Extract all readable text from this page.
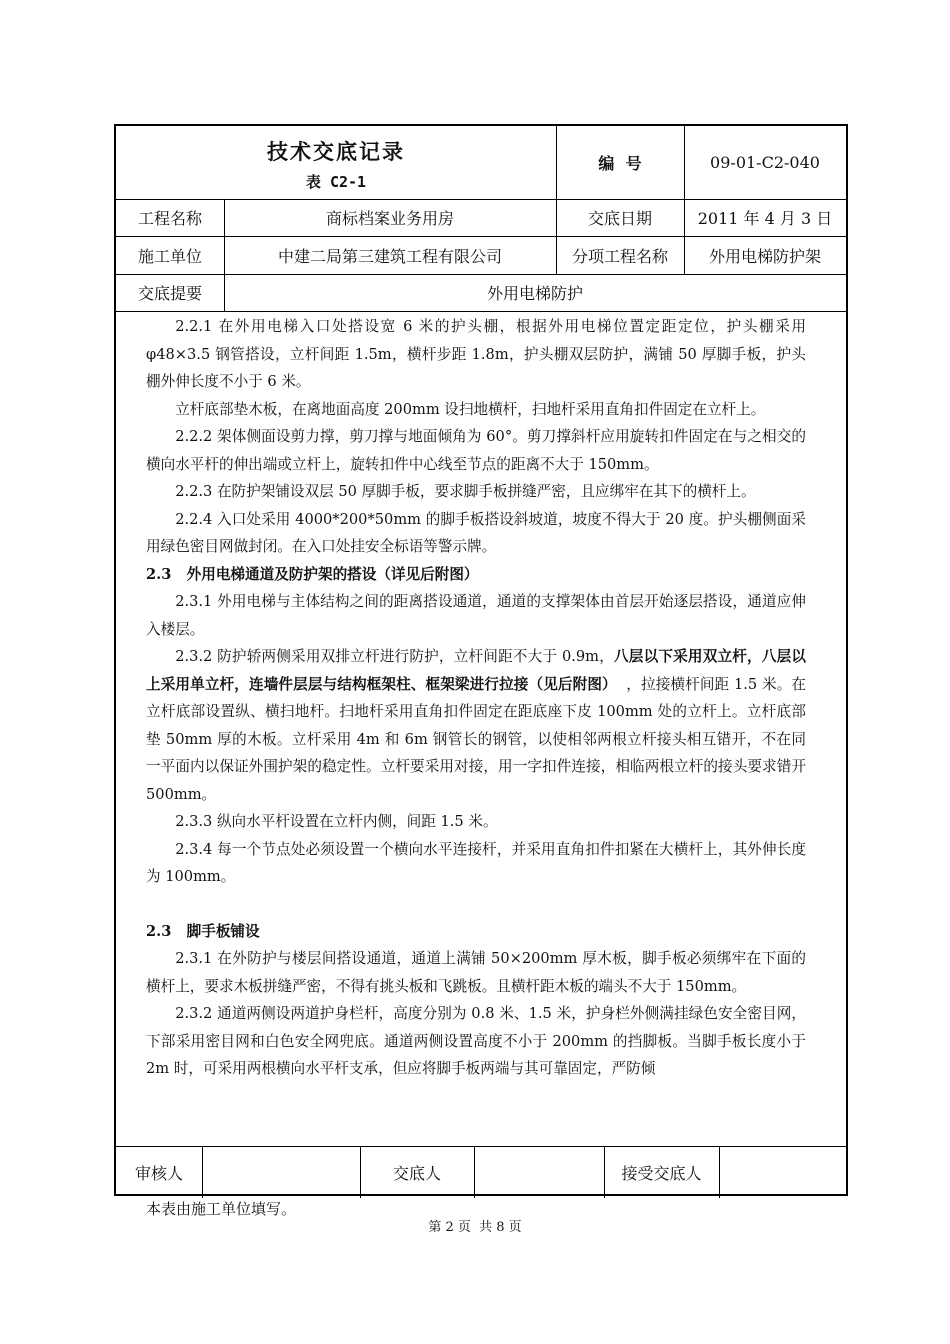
技术交底记录
表 C2-1
编  号	09-01-C2-040
工程名称	商标档案业务用房	交底日期	2011 年 4 月 3 日
施工单位	中建二局第三建筑工程有限公司	分项工程名称	外用电梯防护架
交底提要	外用电梯防护

2.2.1 在外用电梯入口处搭设宽 6 米的护头棚，根据外用电梯位置定距定位，护头棚采用φ48×3.5 钢管搭设，立杆间距 1.5m，横杆步距 1.8m，护头棚双层防护，满铺 50 厚脚手板，护头棚外伸长度不小于 6 米。

立杆底部垫木板，在离地面高度 200mm 设扫地横杆，扫地杆采用直角扣件固定在立杆上。

2.2.2 架体侧面设剪力撑，剪刀撑与地面倾角为 60°。剪刀撑斜杆应用旋转扣件固定在与之相交的横向水平杆的伸出端或立杆上，旋转扣件中心线至节点的距离不大于 150mm。

2.2.3 在防护架铺设双层 50 厚脚手板，要求脚手板拼缝严密，且应绑牢在其下的横杆上。

2.2.4 入口处采用 4000*200*50mm 的脚手板搭设斜坡道，坡度不得大于 20 度。护头棚侧面采用绿色密目网做封闭。在入口处挂安全标语等警示牌。

2.3   外用电梯通道及防护架的搭设（详见后附图）

2.3.1 外用电梯与主体结构之间的距离搭设通道，通道的支撑架体由首层开始逐层搭设，通道应伸入楼层。

2.3.2 防护轿两侧采用双排立杆进行防护，立杆间距不大于 0.9m，八层以下采用双立杆，八层以上采用单立杆，连墙件层层与结构框架柱、框架梁进行拉接（见后附图）  ，拉接横杆间距 1.5 米。在立杆底部设置纵、横扫地杆。扫地杆采用直角扣件固定在距底座下皮 100mm 处的立杆上。立杆底部垫 50mm 厚的木板。立杆采用 4m 和 6m 钢管长的钢管，以使相邻两根立杆接头相互错开，不在同一平面内以保证外围护架的稳定性。立杆要采用对接，用一字扣件连接，相临两根立杆的接头要求错开 500mm。

2.3.3 纵向水平杆设置在立杆内侧，间距 1.5 米。

2.3.4 每一个节点处必须设置一个横向水平连接杆，并采用直角扣件扣紧在大横杆上，其外伸长度为 100mm。

2.3   脚手板铺设

2.3.1 在外防护与楼层间搭设通道，通道上满铺 50×200mm 厚木板，脚手板必须绑牢在下面的横杆上，要求木板拼缝严密，不得有挑头板和飞跳板。且横杆距木板的端头不大于 150mm。

2.3.2 通道两侧设两道护身栏杆，高度分别为 0.8 米、1.5 米，护身栏外侧满挂绿色安全密目网，下部采用密目网和白色安全网兜底。通道两侧设置高度不小于 200mm 的挡脚板。当脚手板长度小于 2m 时，可采用两根横向水平杆支承，但应将脚手板两端与其可靠固定，严防倾

审核人	交底人	接受交底人
本表由施工单位填写。
第 2 页  共 8 页
